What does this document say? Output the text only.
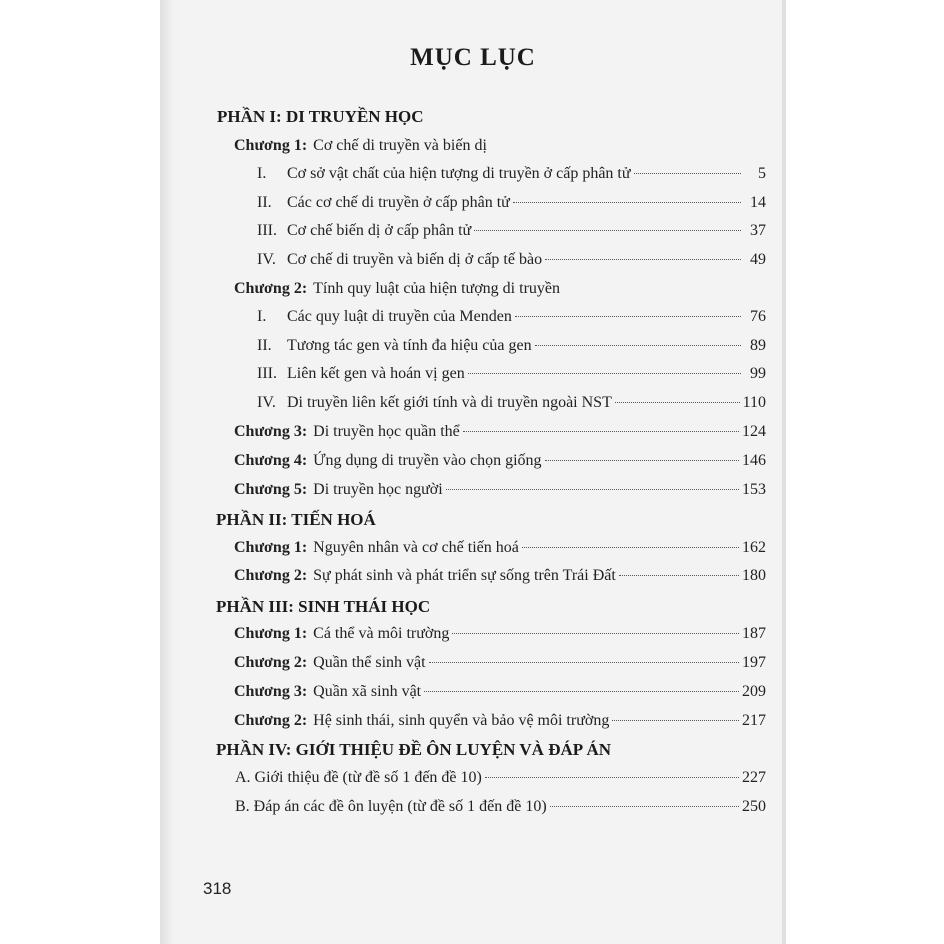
MỤC LỤC
PHẦN I: DI TRUYỀN HỌC
Chương 1: Cơ chế di truyền và biến dị
I.	Cơ sở vật chất của hiện tượng di truyền ở cấp phân tử	5
II. Các cơ chế di truyền ở cấp phân tử	14
III. Cơ chế biến dị ở cấp phân tử	37
IV. Cơ chế di truyền và biến dị ở cấp tế bào	49
Chương 2: Tính quy luật của hiện tượng di truyền
I.	Các quy luật di truyền của Menden	76
II. Tương tác gen và tính đa hiệu của gen	89
III. Liên kết gen và hoán vị gen	99
IV. Di truyền liên kết giới tính và di truyền ngoài NST	110
Chương 3: Di truyền học quần thể	124
Chương 4: Ứng dụng di truyền vào chọn giống	146
Chương 5: Di truyền học người	153
PHẦN II: TIẾN HOÁ
Chương 1: Nguyên nhân và cơ chế tiến hoá	162
Chương 2: Sự phát sinh và phát triển sự sống trên Trái Đất	180
PHẦN III: SINH THÁI HỌC
Chương 1: Cá thể và môi trường	187
Chương 2: Quần thể sinh vật	197
Chương 3: Quần xã sinh vật	209
Chương 2: Hệ sinh thái, sinh quyển và bảo vệ môi trường	217
PHẦN IV: GIỚI THIỆU ĐỀ ÔN LUYỆN VÀ ĐÁP ÁN
A. Giới thiệu đề (từ đề số 1 đến đề 10)	227
B. Đáp án các đề ôn luyện (từ đề số 1 đến đề 10)	250
318
